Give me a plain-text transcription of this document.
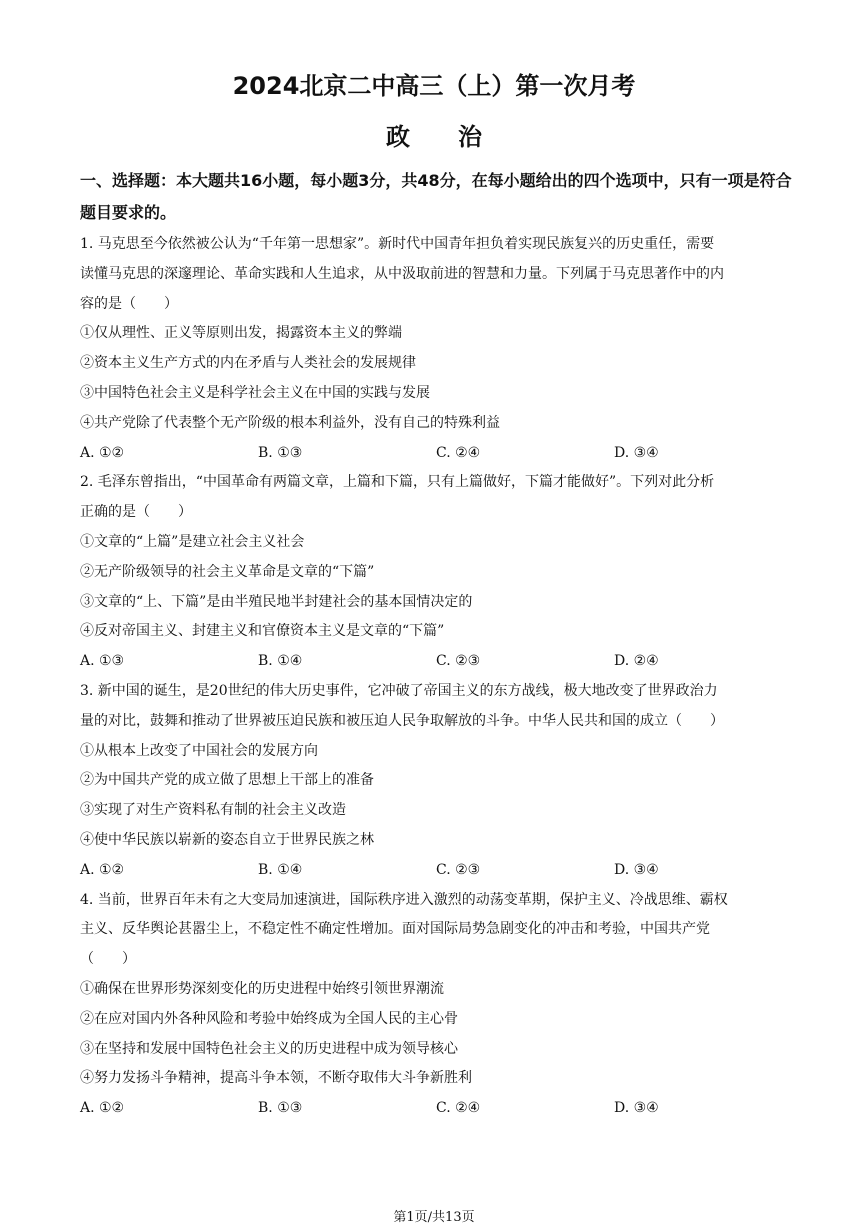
2024北京二中高三（上）第一次月考
政治
一、选择题：本大题共16小题，每小题3分，共48分，在每小题给出的四个选项中，只有一项是符合题目要求的。
1. 马克思至今依然被公认为“千年第一思想家”。新时代中国青年担负着实现民族复兴的历史重任，需要
读懂马克思的深邃理论、革命实践和人生追求，从中汲取前进的智慧和力量。下列属于马克思著作中的内
容的是（　　）
①仅从理性、正义等原则出发，揭露资本主义的弊端
②资本主义生产方式的内在矛盾与人类社会的发展规律
③中国特色社会主义是科学社会主义在中国的实践与发展
④共产党除了代表整个无产阶级的根本利益外，没有自己的特殊利益
A. ①②	B. ①③	C. ②④	D. ③④
2. 毛泽东曾指出，“中国革命有两篇文章，上篇和下篇，只有上篇做好，下篇才能做好”。下列对此分析
正确的是（　　）
①文章的“上篇”是建立社会主义社会
②无产阶级领导的社会主义革命是文章的“下篇”
③文章的“上、下篇”是由半殖民地半封建社会的基本国情决定的
④反对帝国主义、封建主义和官僚资本主义是文章的“下篇”
A. ①③	B. ①④	C. ②③	D. ②④
3. 新中国的诞生，是20世纪的伟大历史事件，它冲破了帝国主义的东方战线，极大地改变了世界政治力
量的对比，鼓舞和推动了世界被压迫民族和被压迫人民争取解放的斗争。中华人民共和国的成立（　　）
①从根本上改变了中国社会的发展方向
②为中国共产党的成立做了思想上干部上的准备
③实现了对生产资料私有制的社会主义改造
④使中华民族以崭新的姿态自立于世界民族之林
A. ①②	B. ①④	C. ②③	D. ③④
4. 当前，世界百年未有之大变局加速演进，国际秩序进入激烈的动荡变革期，保护主义、冷战思维、霸权
主义、反华舆论甚嚣尘上，不稳定性不确定性增加。面对国际局势急剧变化的冲击和考验，中国共产党
（　　）
①确保在世界形势深刻变化的历史进程中始终引领世界潮流
②在应对国内外各种风险和考验中始终成为全国人民的主心骨
③在坚持和发展中国特色社会主义的历史进程中成为领导核心
④努力发扬斗争精神，提高斗争本领，不断夺取伟大斗争新胜利
A. ①②	B. ①③	C. ②④	D. ③④
第1页/共13页
